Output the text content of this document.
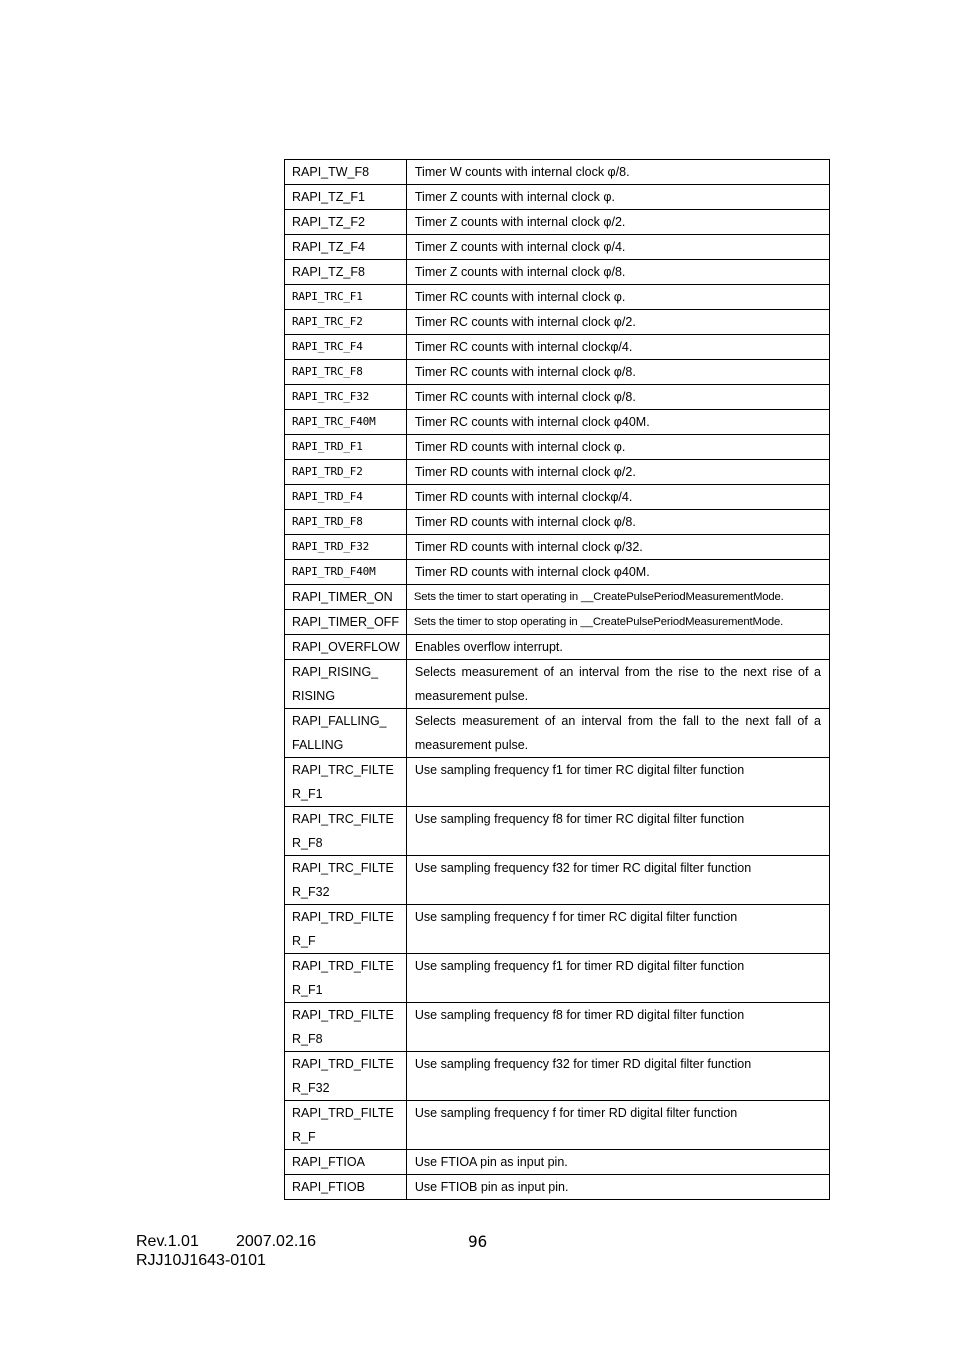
RAPI_TW_F8	Timer W counts with internal clock φ/8.
RAPI_TZ_F1	Timer Z counts with internal clock φ.
RAPI_TZ_F2	Timer Z counts with internal clock φ/2.
RAPI_TZ_F4	Timer Z counts with internal clock φ/4.
RAPI_TZ_F8	Timer Z counts with internal clock φ/8.
RAPI_TRC_F1	Timer RC counts with internal clock φ.
RAPI_TRC_F2	Timer RC counts with internal clock φ/2.
RAPI_TRC_F4	Timer RC counts with internal clockφ/4.
RAPI_TRC_F8	Timer RC counts with internal clock φ/8.
RAPI_TRC_F32	Timer RC counts with internal clock φ/8.
RAPI_TRC_F40M	Timer RC counts with internal clock φ40M.
RAPI_TRD_F1	Timer RD counts with internal clock φ.
RAPI_TRD_F2	Timer RD counts with internal clock φ/2.
RAPI_TRD_F4	Timer RD counts with internal clockφ/4.
RAPI_TRD_F8	Timer RD counts with internal clock φ/8.
RAPI_TRD_F32	Timer RD counts with internal clock φ/32.
RAPI_TRD_F40M	Timer RD counts with internal clock φ40M.
RAPI_TIMER_ON	Sets the timer to start operating in __CreatePulsePeriodMeasurementMode.
RAPI_TIMER_OFF	Sets the timer to stop operating in __CreatePulsePeriodMeasurementMode.
RAPI_OVERFLOW	Enables overflow interrupt.
RAPI_RISING_ RISING	Selects measurement of an interval from the rise to the next rise of a measurement pulse.
RAPI_FALLING_ FALLING	Selects measurement of an interval from the fall to the next fall of a measurement pulse.
RAPI_TRC_FILTER_F1	Use sampling frequency f1 for timer RC digital filter function
RAPI_TRC_FILTER_F8	Use sampling frequency f8 for timer RC digital filter function
RAPI_TRC_FILTER_F32	Use sampling frequency f32 for timer RC digital filter function
RAPI_TRD_FILTER_F	Use sampling frequency f for timer RC digital filter function
RAPI_TRD_FILTER_F1	Use sampling frequency f1 for timer RD digital filter function
RAPI_TRD_FILTER_F8	Use sampling frequency f8 for timer RD digital filter function
RAPI_TRD_FILTER_F32	Use sampling frequency f32 for timer RD digital filter function
RAPI_TRD_FILTER_F	Use sampling frequency f for timer RD digital filter function
RAPI_FTIOA	Use FTIOA pin as input pin.
RAPI_FTIOB	Use FTIOB pin as input pin.
Rev.1.01 2007.02.16
RJJ10J1643-0101
96
